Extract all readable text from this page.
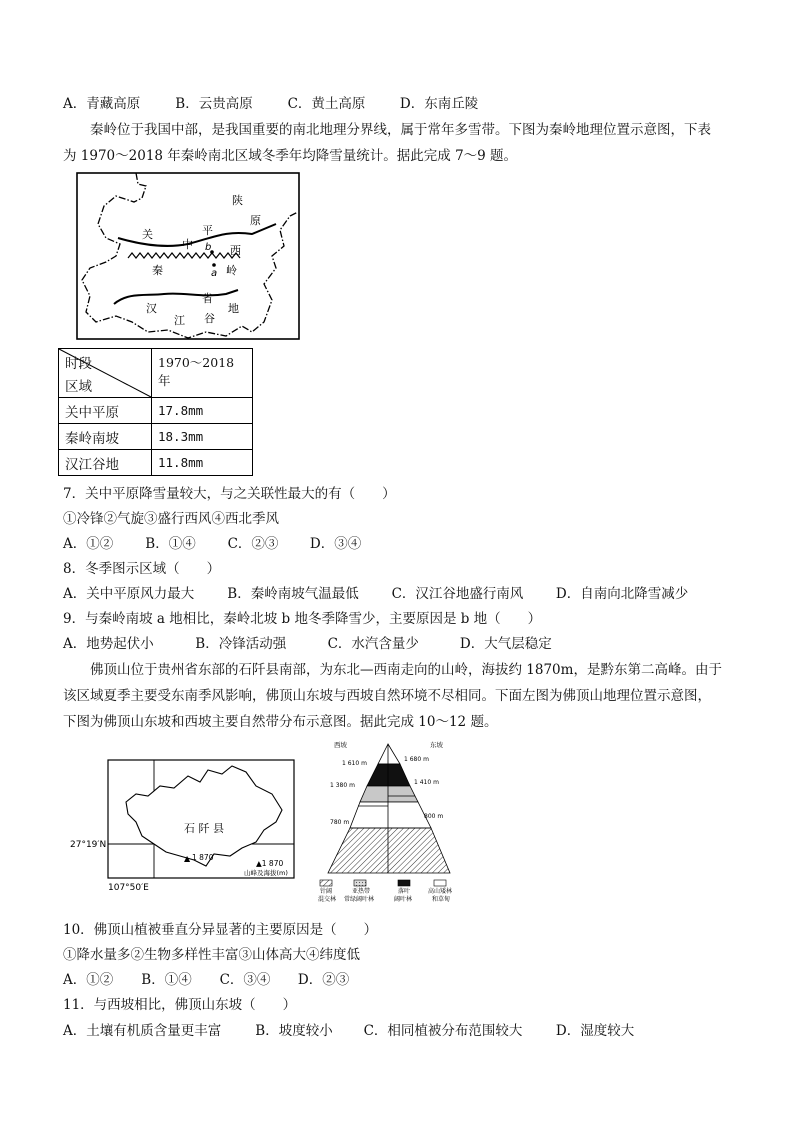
A．青藏高原	B．云贵高原	C．黄土高原	D．东南丘陵
秦岭位于我国中部，是我国重要的南北地理分界线，属于常年多雪带。下图为秦岭地理位置示意图，下表
为 1970～2018 年秦岭南北区域冬季年均降雪量统计。据此完成 7～9 题。
陕
原
平
关
中	西
b
a
秦	岭
省
汉
江 谷
地
时段
区域	1970～2018 年
关中平原	17.8mm
秦岭南坡	18.3mm
汉江谷地	11.8mm
7．关中平原降雪量较大，与之关联性最大的有（　　）
①冷锋②气旋③盛行西风④西北季风
A．①② B．①④ C．②③ D．③④
8．冬季图示区域（　　）
A．关中平原风力最大 B．秦岭南坡气温最低 C．汉江谷地盛行南风 D．自南向北降雪减少
9．与秦岭南坡 a 地相比，秦岭北坡 b 地冬季降雪少，主要原因是 b 地（　　）
A．地势起伏小	B．冷锋活动强	C．水汽含量少	D．大气层稳定
佛顶山位于贵州省东部的石阡县南部，为东北—西南走向的山岭，海拔约 1870m，是黔东第二高峰。由于
该区域夏季主要受东南季风影响，佛顶山东坡与西坡自然环境不尽相同。下面左图为佛顶山地理位置示意图，
下图为佛顶山东坡和西坡主要自然带分布示意图。据此完成 10～12 题。
石 阡 县
▲ 1 870
27°19′N
107°50′E
▲1 870
山峰及海拔(m)
西坡	东坡
1 610 m
1 380 m
780 m
1 680 m
1 410 m
800 m
针阔
混交林
亚热带
常绿阔叶林
落叶
阔叶林
高山矮林
和草甸
10．佛顶山植被垂直分异显著的主要原因是（　　）
①降水量多②生物多样性丰富③山体高大④纬度低
A．①② B．①④ C．③④ D．②③
11．与西坡相比，佛顶山东坡（　　）
A．土壤有机质含量更丰富	B．坡度较小 C．相同植被分布范围较大 D．湿度较大
